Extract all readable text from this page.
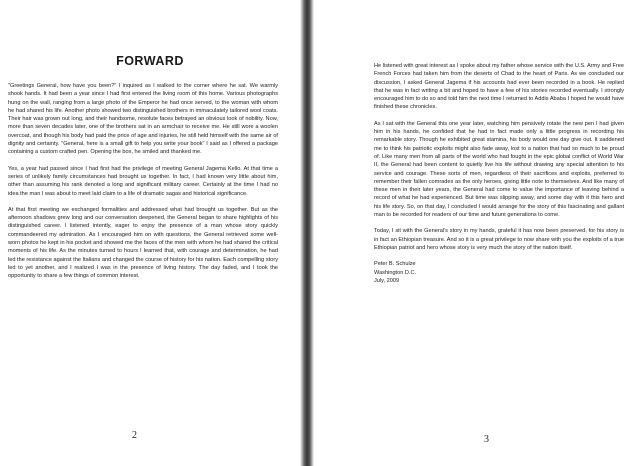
FORWARD

"Greetings General, how have you been?" I inquired as I walked to the corner where he sat. We warmly shook hands. It had been a year since I had first entered the living room of this home. Various photographs hung on the wall, ranging from a large photo of the Emperor he had once served, to the woman with whom he had shared his life. Another photo showed two distinguished brothers in immaculately tailored wool coats. Their hair was grown out long, and their handsome, resolute faces betrayed an obvious look of nobility. Now, more than seven decades later, one of the brothers sat in an armchair to receive me. He still wore a woolen overcoat, and though his body had paid the price of age and injuries, he still held himself with the same air of dignity and certainty. "General, here is a small gift to help you write your book" I said as I offered a package containing a custom crafted pen. Opening the box, he smiled and thanked me.

Yes, a year had passed since I had first had the privilege of meeting General Jagema Kello. At that time a series of unlikely family circumstances had brought us together. In fact, I had known very little about him, other than assuming his rank denoted a long and significant military career. Certainly at the time I had no idea the man I was about to meet laid claim to a life of dramatic sagas and historical significance.

At that first meeting we exchanged formalities and addressed what had brought us together. But as the afternoon shadows grew long and our conversation deepened, the General began to share highlights of his distinguished career. I listened intently, eager to enjoy the presence of a man whose story quickly commandeered my admiration. As I encouraged him on with questions, the General retrieved some well-worn photos he kept in his pocket and showed me the faces of the men with whom he had shared the critical moments of his life. As the minutes turned to hours I learned that, with courage and determination, he had led the resistance against the Italians and changed the course of history for his nation. Each compelling story led to yet another, and I realized I was in the presence of living history. The day faded, and I took the opportunity to share a few things of common interest.

2

He listened with great interest as I spoke about my father whose service with the U.S. Army and Free French Forces had taken him from the deserts of Chad to the heart of Paris. As we concluded our discussion, I asked General Jagema if his accounts had ever been recorded in a book. He replied that he was in fact writing a bit and hoped to have a few of his stories recorded eventually. I strongly encouraged him to do so and told him the next time I returned to Addis Ababa I hoped he would have finished these chronicles.

As I sat with the General this one year later, watching him pensively rotate the new pen I had given him in his hands, he confided that he had in fact made only a little progress in recording his remarkable story. Though he exhibited great stamina, his body would one day give out. It saddened me to think his patriotic exploits might also fade away, lost to a nation that had so much to be proud of. Like many men from all parts of the world who had fought in the epic global conflict of World War II, the General had been content to quietly live his life without drawing any special attention to his service and courage. These sorts of men, regardless of their sacrifices and exploits, preferred to remember their fallen comrades as the only heroes, giving little note to themselves. And like many of these men in their later years, the General had come to value the importance of leaving behind a record of what he had experienced. But time was slipping away, and some day with it this hero and his life story. So, on that day, I concluded I would arrange for the story of this fascinating and gallant man to be recorded for readers of our time and future generations to come.

Today, I sit with the General's story in my hands, grateful it has now been preserved, for his story is in fact an Ethiopian treasure. And so it is a great privilege to now share with you the exploits of a true Ethiopian patriot and hero whose story is very much the story of the nation itself.

Peter B. Schulze
Washington D.C.
July, 2009
3
